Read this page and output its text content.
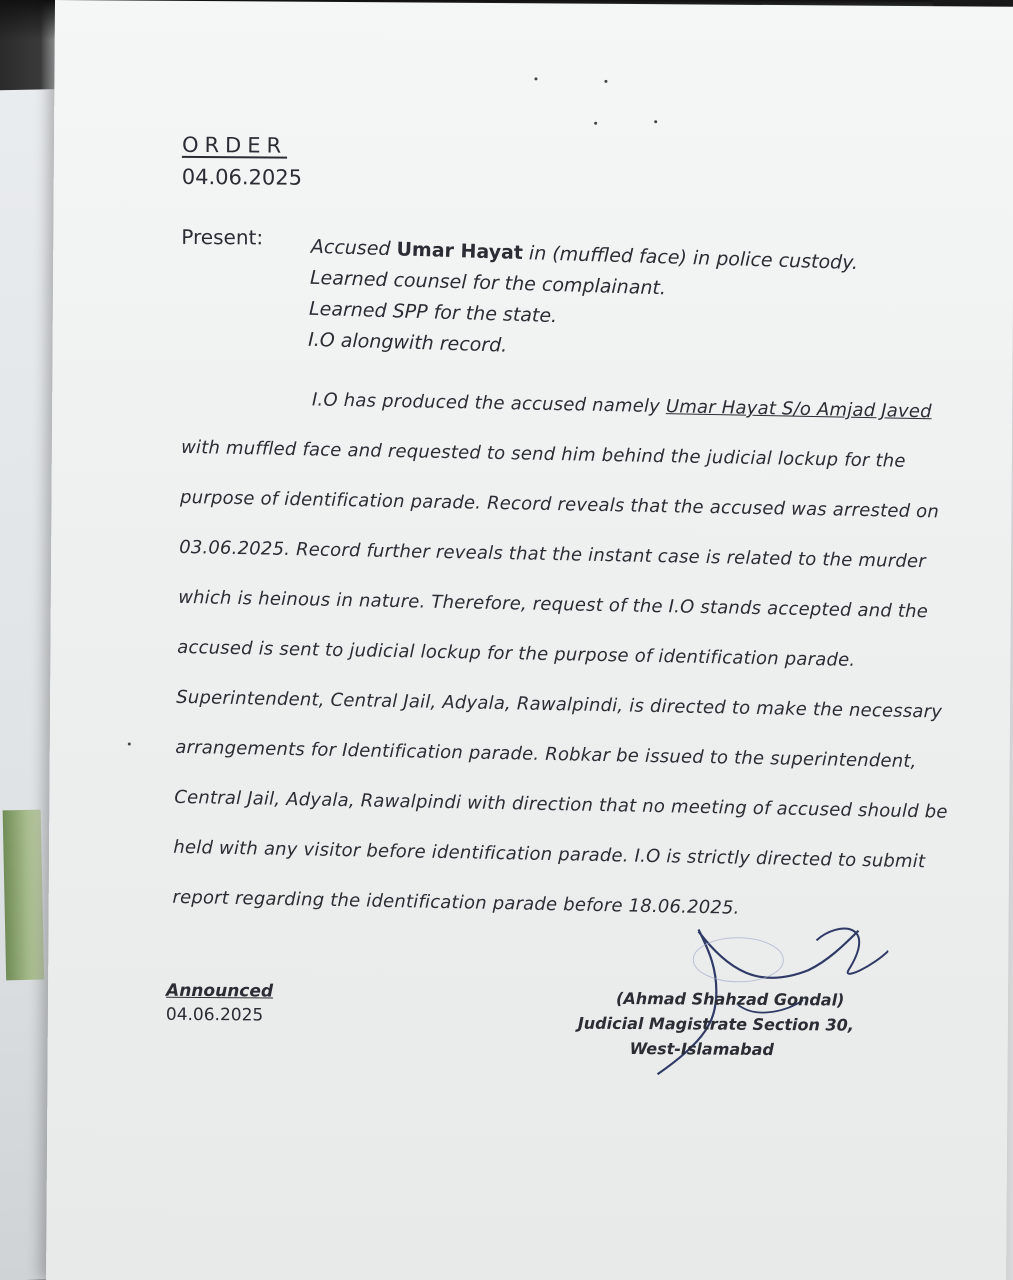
ORDER
04.06.2025
Present: Accused Umar Hayat in (muffled face) in police custody.
Learned counsel for the complainant.
Learned SPP for the state.
I.O alongwith record.
I.O has produced the accused namely Umar Hayat S/o Amjad Javed
with muffled face and requested to send him behind the judicial lockup for the
purpose of identification parade. Record reveals that the accused was arrested on
03.06.2025. Record further reveals that the instant case is related to the murder
which is heinous in nature. Therefore, request of the I.O stands accepted and the
accused is sent to judicial lockup for the purpose of identification parade.
Superintendent, Central Jail, Adyala, Rawalpindi, is directed to make the necessary
arrangements for Identification parade. Robkar be issued to the superintendent,
Central Jail, Adyala, Rawalpindi with direction that no meeting of accused should be
held with any visitor before identification parade. I.O is strictly directed to submit
report regarding the identification parade before 18.06.2025.
Announced
04.06.2025
(Ahmad Shahzad Gondal)
Judicial Magistrate Section 30,
West-Islamabad
